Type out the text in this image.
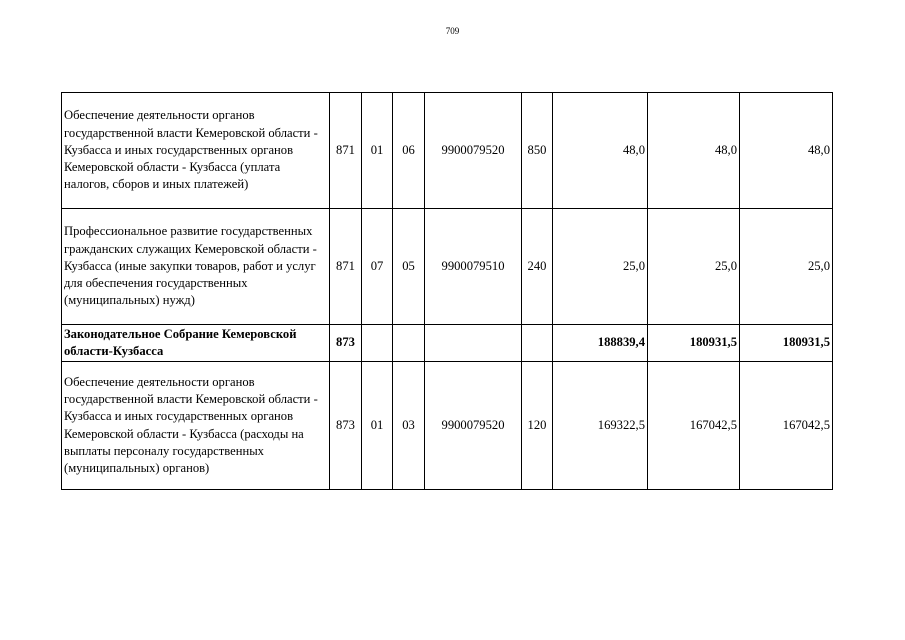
709
Обеспечение деятельности органов государственной власти Кемеровской области - Кузбасса и иных государственных органов Кемеровской области - Кузбасса (уплата налогов, сборов и иных платежей)	871	01	06	9900079520	850	48,0	48,0	48,0
Профессиональное развитие государственных гражданских служащих Кемеровской области - Кузбасса (иные закупки товаров, работ и услуг для обеспечения государственных (муниципальных) нужд)	871	07	05	9900079510	240	25,0	25,0	25,0
Законодательное Собрание Кемеровской области-Кузбасса	873					188839,4	180931,5	180931,5
Обеспечение деятельности органов государственной власти Кемеровской области - Кузбасса и иных государственных органов Кемеровской области - Кузбасса (расходы на выплаты персоналу государственных (муниципальных) органов)	873	01	03	9900079520	120	169322,5	167042,5	167042,5
